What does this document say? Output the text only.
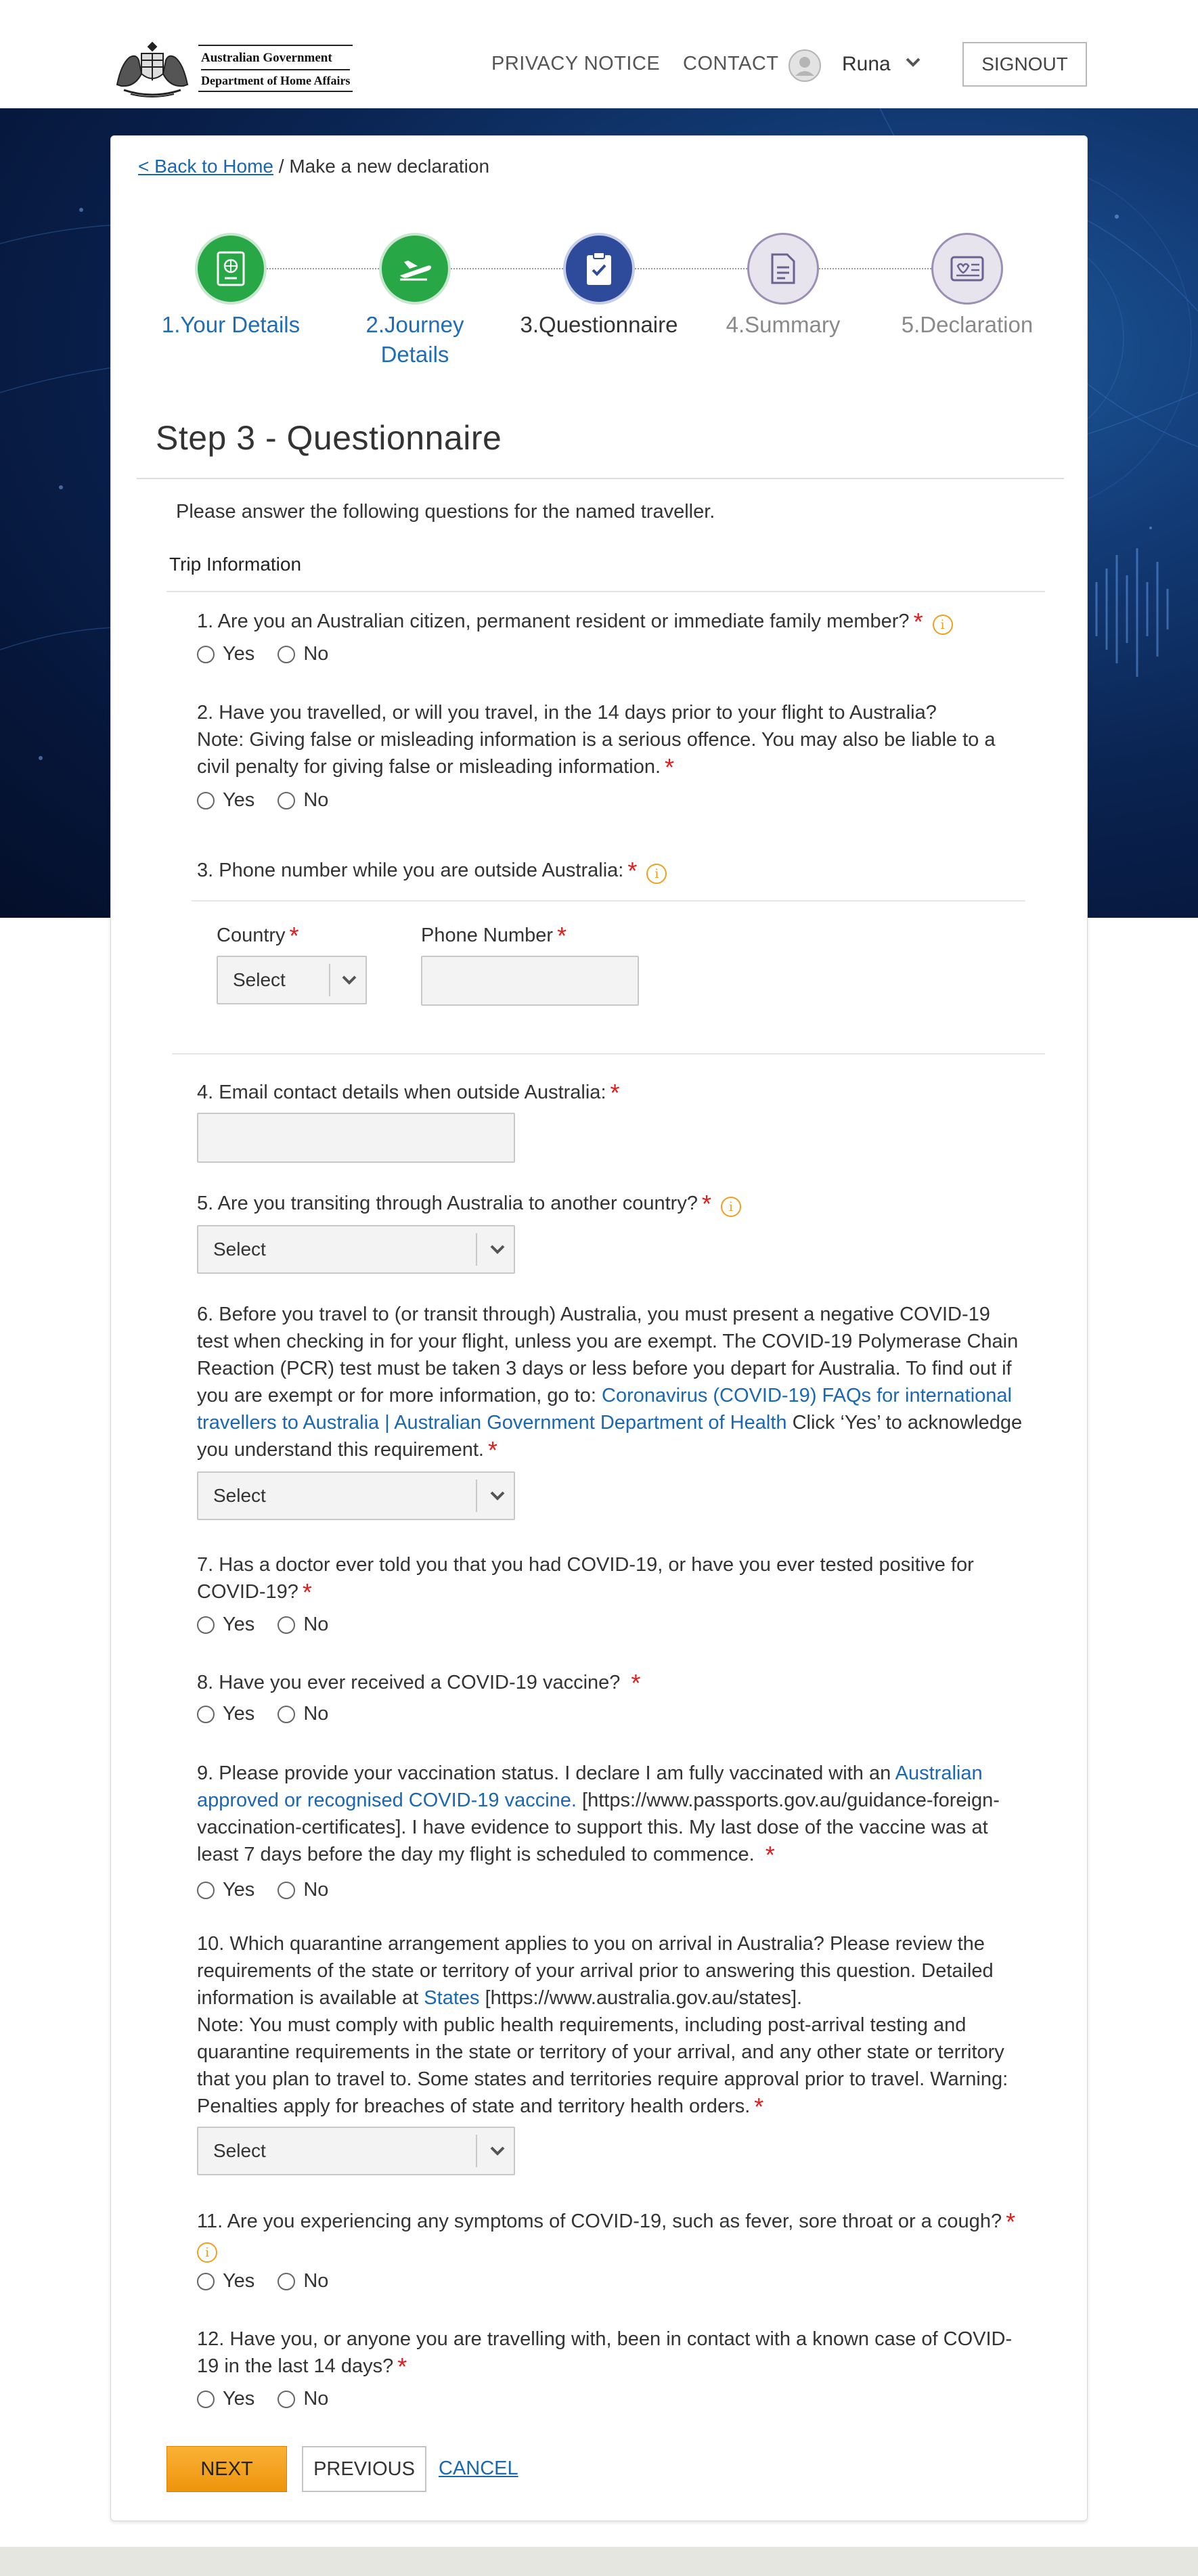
Australian Government
Department of Home Affairs
PRIVACY NOTICE CONTACT	Runa	SIGNOUT
< Back to Home / Make a new declaration
1.Your Details	2.Journey Details
3.Questionnaire	4.Summary	5.Declaration
Step 3 - Questionnaire
Please answer the following questions for the named traveller.
Trip Information
1. Are you an Australian citizen, permanent resident or immediate family member? * i
Yes No
2. Have you travelled, or will you travel, in the 14 days prior to your flight to Australia?
Note: Giving false or misleading information is a serious offence. You may also be liable to a civil penalty for giving false or misleading information. *
Yes No
3. Phone number while you are outside Australia: * i
Country *	Phone Number *
Select
4. Email contact details when outside Australia: *
5. Are you transiting through Australia to another country? * i
Select
6. Before you travel to (or transit through) Australia, you must present a negative COVID-19 test when checking in for your flight, unless you are exempt. The COVID-19 Polymerase Chain Reaction (PCR) test must be taken 3 days or less before you depart for Australia. To find out if you are exempt or for more information, go to: Coronavirus (COVID-19) FAQs for international travellers to Australia | Australian Government Department of Health Click ‘Yes’ to acknowledge you understand this requirement. *
Select
7. Has a doctor ever told you that you had COVID-19, or have you ever tested positive for COVID-19? *
Yes No
8. Have you ever received a COVID-19 vaccine? *
Yes No
9. Please provide your vaccination status. I declare I am fully vaccinated with an Australian approved or recognised COVID-19 vaccine. [https://www.passports.gov.au/guidance-foreign-vaccination-certificates]. I have evidence to support this. My last dose of the vaccine was at least 7 days before the day my flight is scheduled to commence. *
Yes No
10. Which quarantine arrangement applies to you on arrival in Australia? Please review the requirements of the state or territory of your arrival prior to answering this question. Detailed information is available at States [https://www.australia.gov.au/states].
Note: You must comply with public health requirements, including post-arrival testing and quarantine requirements in the state or territory of your arrival, and any other state or territory that you plan to travel to. Some states and territories require approval prior to travel. Warning: Penalties apply for breaches of state and territory health orders. *
Select
11. Are you experiencing any symptoms of COVID-19, such as fever, sore throat or a cough? *
i
Yes No
12. Have you, or anyone you are travelling with, been in contact with a known case of COVID-19 in the last 14 days? *
Yes No
NEXT	PREVIOUS	CANCEL
